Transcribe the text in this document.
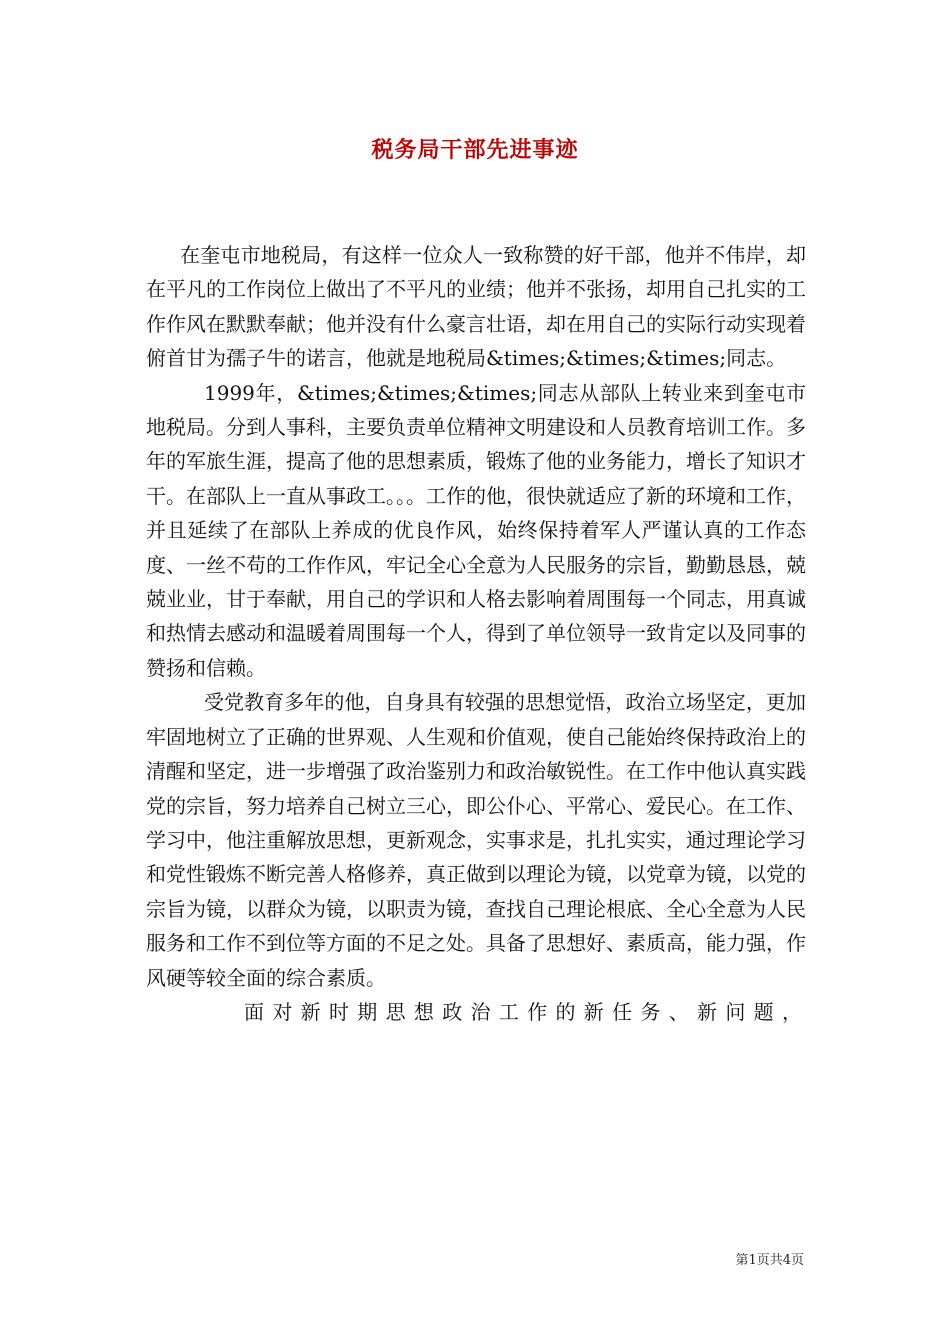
税务局干部先进事迹

在奎屯市地税局，有这样一位众人一致称赞的好干部，他并不伟岸，却在平凡的工作岗位上做出了不平凡的业绩；他并不张扬，却用自己扎实的工作作风在默默奉献；他并没有什么豪言壮语，却在用自己的实际行动实现着俯首甘为孺子牛的诺言，他就是地税局&times;&times;&times;同志。

1999年，&times;&times;&times;同志从部队上转业来到奎屯市地税局。分到人事科，主要负责单位精神文明建设和人员教育培训工作。多年的军旅生涯，提高了他的思想素质，锻炼了他的业务能力，增长了知识才干。在部队上一直从事政工。。。工作的他，很快就适应了新的环境和工作，并且延续了在部队上养成的优良作风，始终保持着军人严谨认真的工作态度、一丝不苟的工作作风，牢记全心全意为人民服务的宗旨，勤勤恳恳，兢兢业业，甘于奉献，用自己的学识和人格去影响着周围每一个同志，用真诚和热情去感动和温暖着周围每一个人，得到了单位领导一致肯定以及同事的赞扬和信赖。

受党教育多年的他，自身具有较强的思想觉悟，政治立场坚定，更加牢固地树立了正确的世界观、人生观和价值观，使自己能始终保持政治上的清醒和坚定，进一步增强了政治鉴别力和政治敏锐性。在工作中他认真实践党的宗旨，努力培养自己树立三心，即公仆心、平常心、爱民心。在工作、学习中，他注重解放思想，更新观念，实事求是，扎扎实实，通过理论学习和党性锻炼不断完善人格修养，真正做到以理论为镜，以党章为镜，以党的宗旨为镜，以群众为镜，以职责为镜，查找自己理论根底、全心全意为人民服务和工作不到位等方面的不足之处。具备了思想好、素质高，能力强，作风硬等较全面的综合素质。

面对新时期思想政治工作的新任务、新问题，

第1页共4页
